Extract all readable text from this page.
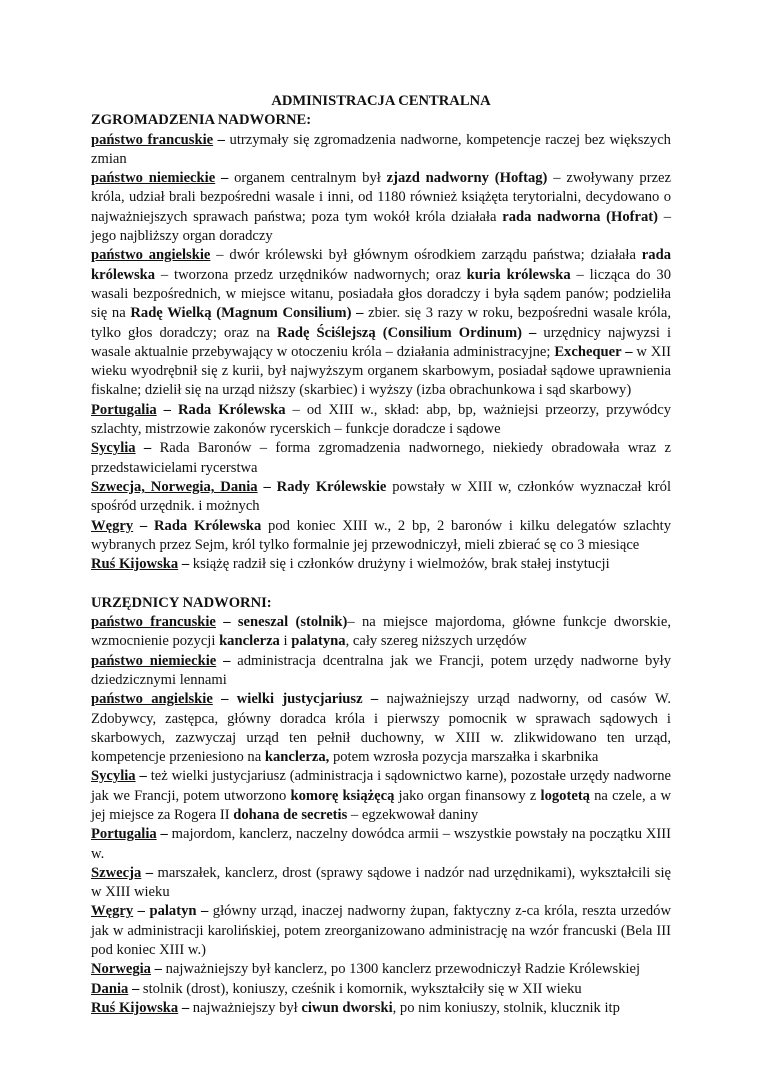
ADMINISTRACJA CENTRALNA
ZGROMADZENIA NADWORNE:
państwo francuskie – utrzymały się zgromadzenia nadworne, kompetencje raczej bez większych zmian
państwo niemieckie – organem centralnym był zjazd nadworny (Hoftag) – zwoływany przez króla, udział brali bezpośredni wasale i inni, od 1180 również książęta terytorialni, decydowano o najważniejszych sprawach państwa; poza tym wokół króla działała rada nadworna (Hofrat) – jego najbliższy organ doradczy
państwo angielskie – dwór królewski był głównym ośrodkiem zarządu państwa; działała rada królewska – tworzona przedz urzędników nadwornych; oraz kuria królewska – licząca do 30 wasali bezpośrednich, w miejsce witanu, posiadała głos doradczy i była sądem panów; podzieliła się na Radę Wielką (Magnum Consilium) – zbier. się 3 razy w roku, bezpośredni wasale króla, tylko głos doradczy; oraz na Radę Ściślejszą (Consilium Ordinum) – urzędnicy najwyzsi i wasale aktualnie przebywający w otoczeniu króla – działania administracyjne; Exchequer – w XII wieku wyodrębnił się z kurii, był najwyższym organem skarbowym, posiadał sądowe uprawnienia fiskalne; dzielił się na urząd niższy (skarbiec) i wyższy (izba obrachunkowa i sąd skarbowy)
Portugalia – Rada Królewska – od XIII w., skład: abp, bp, ważniejsi przeorzy, przywódcy szlachty, mistrzowie zakonów rycerskich – funkcje doradcze i sądowe
Sycylia – Rada Baronów – forma zgromadzenia nadwornego, niekiedy obradowała wraz z przedstawicielami rycerstwa
Szwecja, Norwegia, Dania – Rady Królewskie powstały w XIII w, członków wyznaczał król spośród urzędnik. i możnych
Węgry – Rada Królewska pod koniec XIII w., 2 bp, 2 baronów i kilku delegatów szlachty wybranych przez Sejm, król tylko formalnie jej przewodniczył, mieli zbierać sę co 3 miesiące
Ruś Kijowska – książę radził się i członków drużyny i wielmożów, brak stałej instytucji
URZĘDNICY NADWORNI:
państwo francuskie – seneszal (stolnik)– na miejsce majordoma, główne funkcje dworskie, wzmocnienie pozycji kanclerza i palatyna, cały szereg niższych urzędów
państwo niemieckie – administracja dcentralna jak we Francji, potem urzędy nadworne były dziedzicznymi lennami
państwo angielskie – wielki justycjariusz – najważniejszy urząd nadworny, od casów W. Zdobywcy, zastępca, główny doradca króla i pierwszy pomocnik w sprawach sądowych i skarbowych, zazwyczaj urząd ten pełnił duchowny, w XIII w. zlikwidowano ten urząd, kompetencje przeniesiono na kanclerza, potem wzrosła pozycja marszałka i skarbnika
Sycylia – też wielki justycjariusz (administracja i sądownictwo karne), pozostałe urzędy nadworne jak we Francji, potem utworzono komorę książęcą jako organ finansowy z logotetą na czele, a w jej miejsce za Rogera II dohana de secretis – egzekwował daniny
Portugalia – majordom, kanclerz, naczelny dowódca armii – wszystkie powstały na początku XIII w.
Szwecja – marszałek, kanclerz, drost (sprawy sądowe i nadzór nad urzędnikami), wykształcili się w XIII wieku
Węgry – palatyn – główny urząd, inaczej nadworny żupan, faktyczny z-ca króla, reszta urzedów jak w administracji karolińskiej, potem zreorganizowano administrację na wzór francuski (Bela III pod koniec XIII w.)
Norwegia – najważniejszy był kanclerz, po 1300 kanclerz przewodniczył Radzie Królewskiej
Dania – stolnik (drost), koniuszy, cześnik i komornik, wykształciły się w XII wieku
Ruś Kijowska – najważniejszy był ciwun dworski, po nim koniuszy, stolnik, klucznik itp
